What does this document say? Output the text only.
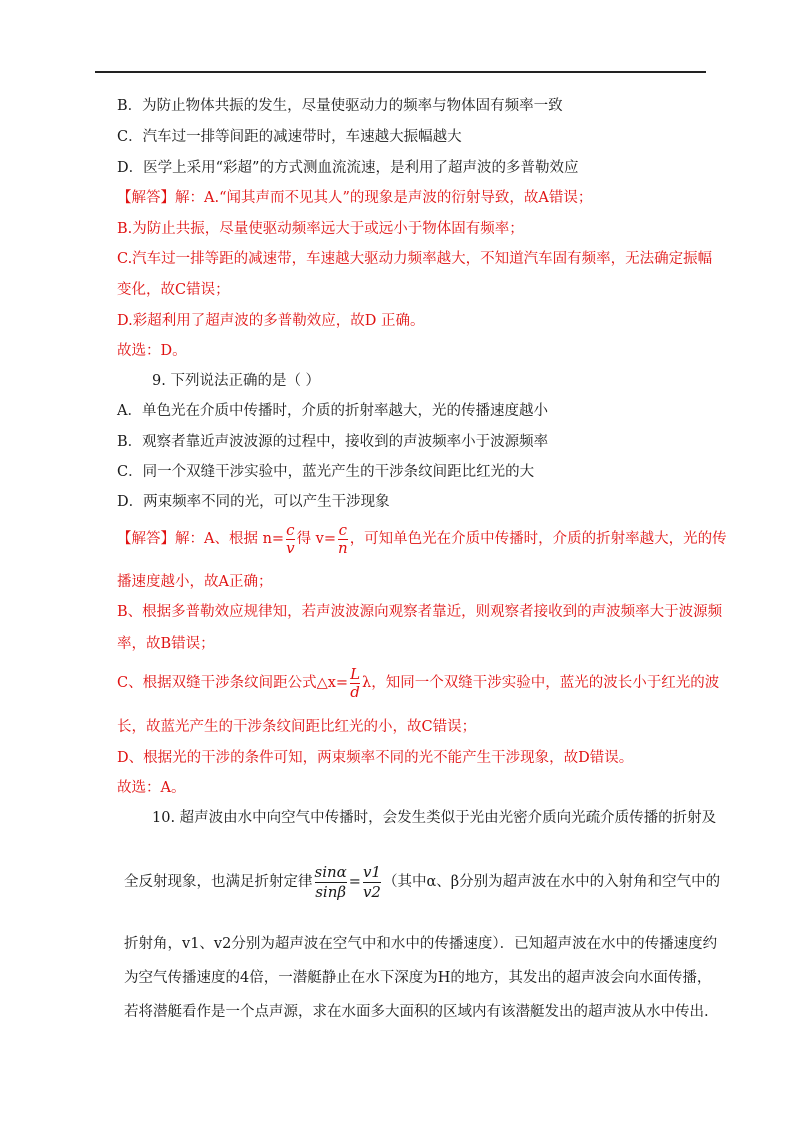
B．为防止物体共振的发生，尽量使驱动力的频率与物体固有频率一致
C．汽车过一排等间距的减速带时，车速越大振幅越大
D．医学上采用“彩超”的方式测血流流速，是利用了超声波的多普勒效应
【解答】解：A.“闻其声而不见其人”的现象是声波的衍射导致，故A错误；
B.为防止共振，尽量使驱动频率远大于或远小于物体固有频率；
C.汽车过一排等距的减速带，车速越大驱动力频率越大，不知道汽车固有频率，无法确定振幅
变化，故C错误；
D.彩超利用了超声波的多普勒效应，故D 正确。
故选：D。
9. 下列说法正确的是（ ）
A．单色光在介质中传播时，介质的折射率越大，光的传播速度越小
B．观察者靠近声波波源的过程中，接收到的声波频率小于波源频率
C．同一个双缝干涉实验中，蓝光产生的干涉条纹间距比红光的大
D．两束频率不同的光，可以产生干涉现象
【解答】解：A、根据 $n= \frac{c}{v}$ 得 $v= \frac{c}{n}$ ，可知单色光在介质中传播时，介质的折射率越大，光的传
播速度越小，故A正确；
B、根据多普勒效应规律知，若声波波源向观察者靠近，则观察者接收到的声波频率大于波源频
率，故B错误；
C、根据双缝干涉条纹间距公式△x= $\frac{L}{d}$ λ，知同一个双缝干涉实验中，蓝光的波长小于红光的波
长，故蓝光产生的干涉条纹间距比红光的小，故C错误；
D、根据光的干涉的条件可知，两束频率不同的光不能产生干涉现象，故D错误。
故选：A。
10. 超声波由水中向空气中传播时，会发生类似于光由光密介质向光疏介质传播的折射及
全反射现象，也满足折射定律 $\frac{\sin\alpha}{\sin\beta} = \frac{v1}{v2}$ （其中α、β分别为超声波在水中的入射角和空气中的
折射角，v1、v2分别为超声波在空气中和水中的传播速度）．已知超声波在水中的传播速度约
为空气传播速度的4倍，一潜艇静止在水下深度为H的地方，其发出的超声波会向水面传播，
若将潜艇看作是一个点声源，求在水面多大面积的区域内有该潜艇发出的超声波从水中传出.
